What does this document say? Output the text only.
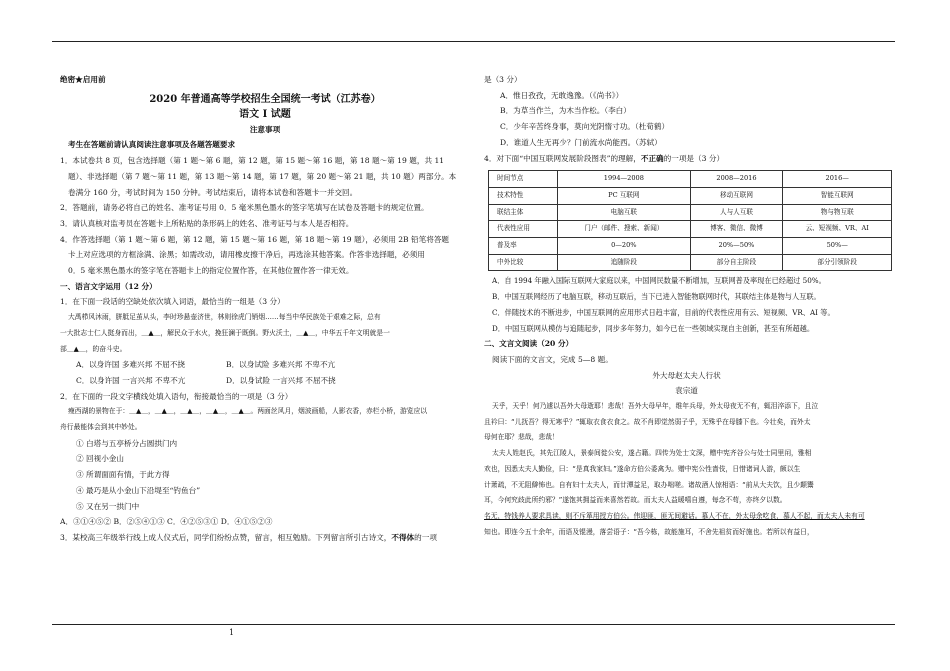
绝密★启用前
2020 年普通高等学校招生全国统一考试（江苏卷）
语文 I 试题
注意事项
考生在答题前请认真阅读注意事项及各题答题要求
1．本试卷共 8 页，包含选择题（第 1 题～第 6 题，第 12 题，第 15 题～第 16 题，第 18 题～第 19 题，共 11
题）、非选择题（第 7 题～第 11 题，第 13 题～第 14 题，第 17 题，第 20 题～第 21 题，共 10 题）两部分。本
卷满分 160 分，考试时间为 150 分钟。考试结束后，请将本试卷和答题卡一并交回。
2．答题前，请务必将自己的姓名、准考证号用 0．5 毫米黑色墨水的签字笔填写在试卷及答题卡的规定位置。
3．请认真核对监考员在答题卡上所粘贴的条形码上的姓名、准考证号与本人是否相符。
4．作答选择题（第 1 题～第 6 题，第 12 题，第 15 题～第 16 题，第 18 题～第 19 题），必须用 2B 铅笔将答题
卡上对应选项的方框涂满、涂黑；如需改动，请用橡皮擦干净后，再选涂其他答案。作答非选择题，必须用
0．5 毫米黑色墨水的签字笔在答题卡上的指定位置作答，在其他位置作答一律无效。
一、语言文字运用（12 分）
1．在下面一段话的空缺处依次填入词语，最恰当的一组是（3 分）
大禹栉风沐雨，胼胝足茧从头，李时珍悬壶济世，林则徐虎门销烟……每当中华民族处于艰难之际，总有
一大批志士仁人挺身而出，＿▲＿，解民众于水火，挽狂澜于既倒。野火沃土，＿▲＿，中华五千年文明就是一
部＿▲＿，的奋斗史。
A．以身许国 多难兴邦 不屈不挠	B．以身试险 多难兴邦 不卑不亢
C．以身许国 一言兴邦 不卑不亢	D．以身试险 一言兴邦 不屈不挠
2．在下面的一段文字横线处填入语句，衔接最恰当的一项是（3 分）
瘦西湖的景物在于：＿▲＿，＿▲＿，＿▲＿，＿▲＿，＿▲＿。两面丝风月，烟波画船，人影衣香，赤栏小桥，游览应以
舟行最能体会到其中妙处。
① 白塔与五亭桥分占圆拱门内
② 回视小金山
③ 所谓面面有情，于此方得
④ 最巧是从小金山下沿堤至“钓鱼台”
⑤ 又在另一拱门中
A．③①④⑤② B．②⑤④①③ C．④②⑤③① D．④①⑤②③
3．某校高三年级举行线上成人仪式后，同学们纷纷点赞，留言，相互勉励。下列留言所引古诗文，不得体的一项
是（3 分）
A．惟日孜孜，无敢逸豫。（《尚书》）
B．为草当作兰，为木当作松。（李白）
C．少年辛苦终身事，莫向光阴惰寸功。（杜荀鹤）
D．谁道人生无再少？门前流水尚能西。（苏轼）
4．对下面“中国互联网发展阶段图表”的理解，不正确的一项是（3 分）
时间节点	1994—2008	2008—2016	2016—
技术特性	PC 互联网	移动互联网	智能互联网
联结主体	电脑互联	人与人互联	物与物互联
代表性应用	门户（邮件、搜索、新闻）	博客、微信、微博	云、短视频、VR、AI
普及率	0—20%	20%—50%	50%—
中外比较	追随阶段	部分自主阶段	部分引领阶段
A．自 1994 年融入国际互联网大家庭以来，中国网民数量不断增加，互联网普及率现在已经超过 50%。
B．中国互联网经历了电脑互联，移动互联后，当下已进入智能物联网时代，其联结主体是物与人互联。
C．伴随技术的不断进步，中国互联网的应用形式日趋丰富，目前的代表性应用有云、短视频、VR、AI 等。
D．中国互联网从模仿与追随起步，同步多年努力，如今已在一些领域实现自主创新，甚至有所超越。
二、文言文阅读（20 分）
阅读下面的文言文，完成 5—8 题。
外大母赵太夫人行状
袁宗道
天乎，天乎！何乃遽以吾外大母逝耶！悲哉！吾外大母早年，维年兵母，外太母夜无不有，辄泪淬添下，且泣
且衿曰：“儿抚吾？得无寒乎？”辄取衣食衣食之。故不肖即觉然弱子乎，无殊乎在母膝下也。今壮矣，而外太
母何在耶？悲哉，悲哉！
太夫人姓赵氏，其先江陵人，景泰间徙公安，遂占籍。四传为处士文深，赠中宪齐谷公与处士同里闬，雅相
欢也，因悉太夫人勤俭，曰：“是真我家妇。”遂命方伯公委禽为。赠中宪公性啬伎，日惜诸词人游，颇以生
计萧疏，不无阻僻怖也。自有妇十太夫人，而廿潭益足，取办咄嗟。诸故酒人惊相语：“前从大夫饮，且少颠鬻
耳，今何究歧此所约邪？”遂饱其拥益而来喜然若故。而太夫人益暖嘻自遵，每念不苟，亦终夕以数。
名无，特钱养人要求具读，则不斥箪用授方伯公。伟迎匪，匪无间避话。慕人不在，外太母余吃食，慕人不起，而太夫人未有可
知也。即连今五十余年，而语及锟漫，落尝语子：“吾今栋，故能施耳，不舍先祖贫而好施也。若所以有益日，
1
